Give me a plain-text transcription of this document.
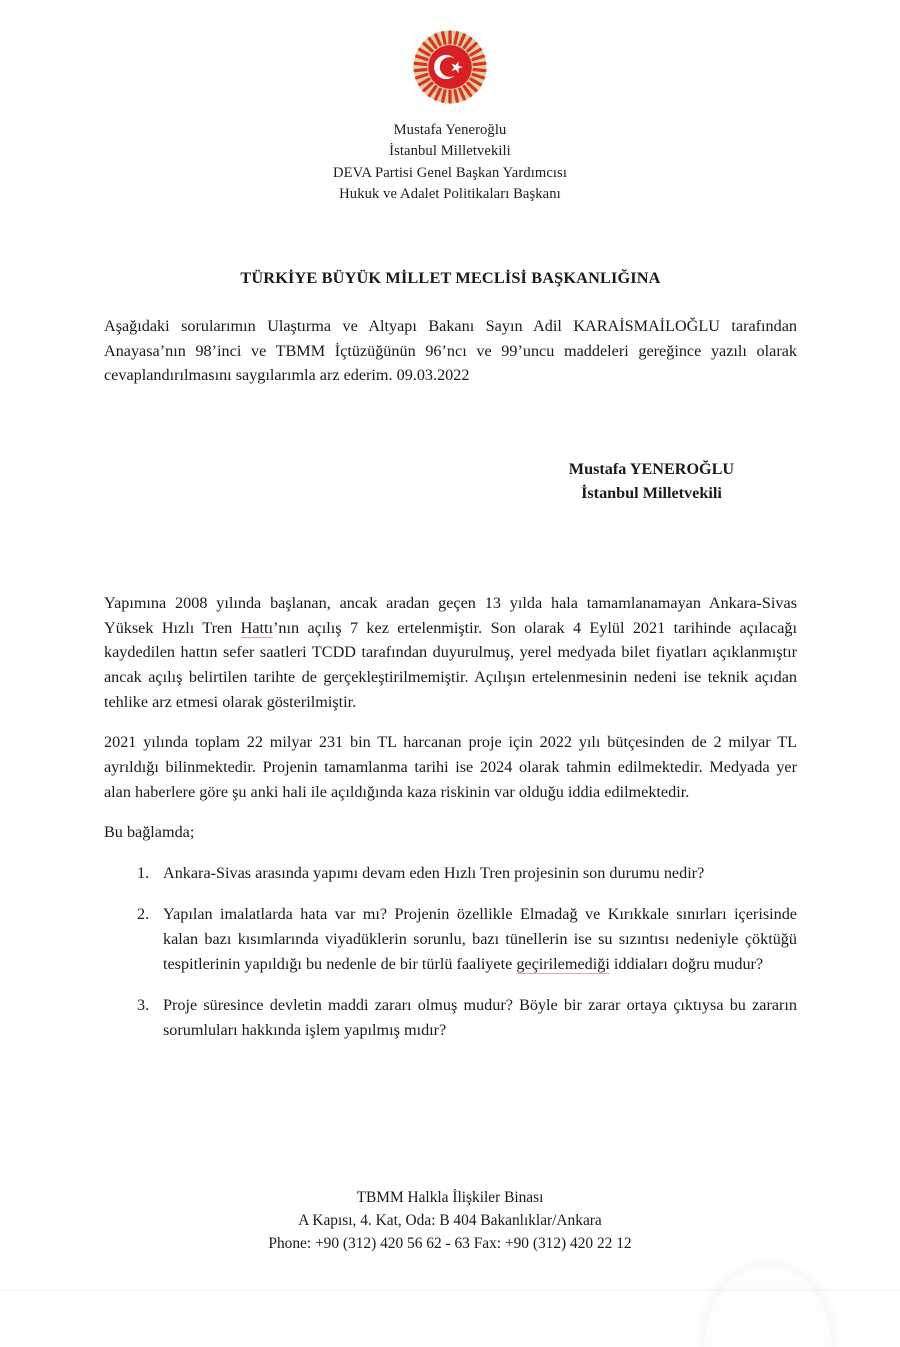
Mustafa Yeneroğlu
İstanbul Milletvekili
DEVA Partisi Genel Başkan Yardımcısı
Hukuk ve Adalet Politikaları Başkanı
TÜRKİYE BÜYÜK MİLLET MECLİSİ BAŞKANLIĞINA

Aşağıdaki sorularımın Ulaştırma ve Altyapı Bakanı Sayın Adil KARAİSMAİLOĞLU tarafından Anayasa’nın 98’inci ve TBMM İçtüzüğünün 96’ncı ve 99’uncu maddeleri gereğince yazılı olarak cevaplandırılmasını saygılarımla arz ederim. 09.03.2022

Mustafa YENEROĞLU
İstanbul Milletvekili

Yapımına 2008 yılında başlanan, ancak aradan geçen 13 yılda hala tamamlanamayan Ankara-Sivas Yüksek Hızlı Tren Hattı’nın açılış 7 kez ertelenmiştir. Son olarak 4 Eylül 2021 tarihinde açılacağı kaydedilen hattın sefer saatleri TCDD tarafından duyurulmuş, yerel medyada bilet fiyatları açıklanmıştır ancak açılış belirtilen tarihte de gerçekleştirilmemiştir. Açılışın ertelenmesinin nedeni ise teknik açıdan tehlike arz etmesi olarak gösterilmiştir.

2021 yılında toplam 22 milyar 231 bin TL harcanan proje için 2022 yılı bütçesinden de 2 milyar TL ayrıldığı bilinmektedir. Projenin tamamlanma tarihi ise 2024 olarak tahmin edilmektedir. Medyada yer alan haberlere göre şu anki hali ile açıldığında kaza riskinin var olduğu iddia edilmektedir.

Bu bağlamda;

Ankara-Sivas arasında yapımı devam eden Hızlı Tren projesinin son durumu nedir?
Yapılan imalatlarda hata var mı? Projenin özellikle Elmadağ ve Kırıkkale sınırları içerisinde kalan bazı kısımlarında viyadüklerin sorunlu, bazı tünellerin ise su sızıntısı nedeniyle çöktüğü tespitlerinin yapıldığı bu nedenle de bir türlü faaliyete geçirilemediği iddiaları doğru mudur?
Proje süresince devletin maddi zararı olmuş mudur? Böyle bir zarar ortaya çıktıysa bu zararın sorumluları hakkında işlem yapılmış mıdır?
TBMM Halkla İlişkiler Binası
A Kapısı, 4. Kat, Oda: B 404 Bakanlıklar/Ankara
Phone: +90 (312) 420 56 62 - 63 Fax: +90 (312) 420 22 12
